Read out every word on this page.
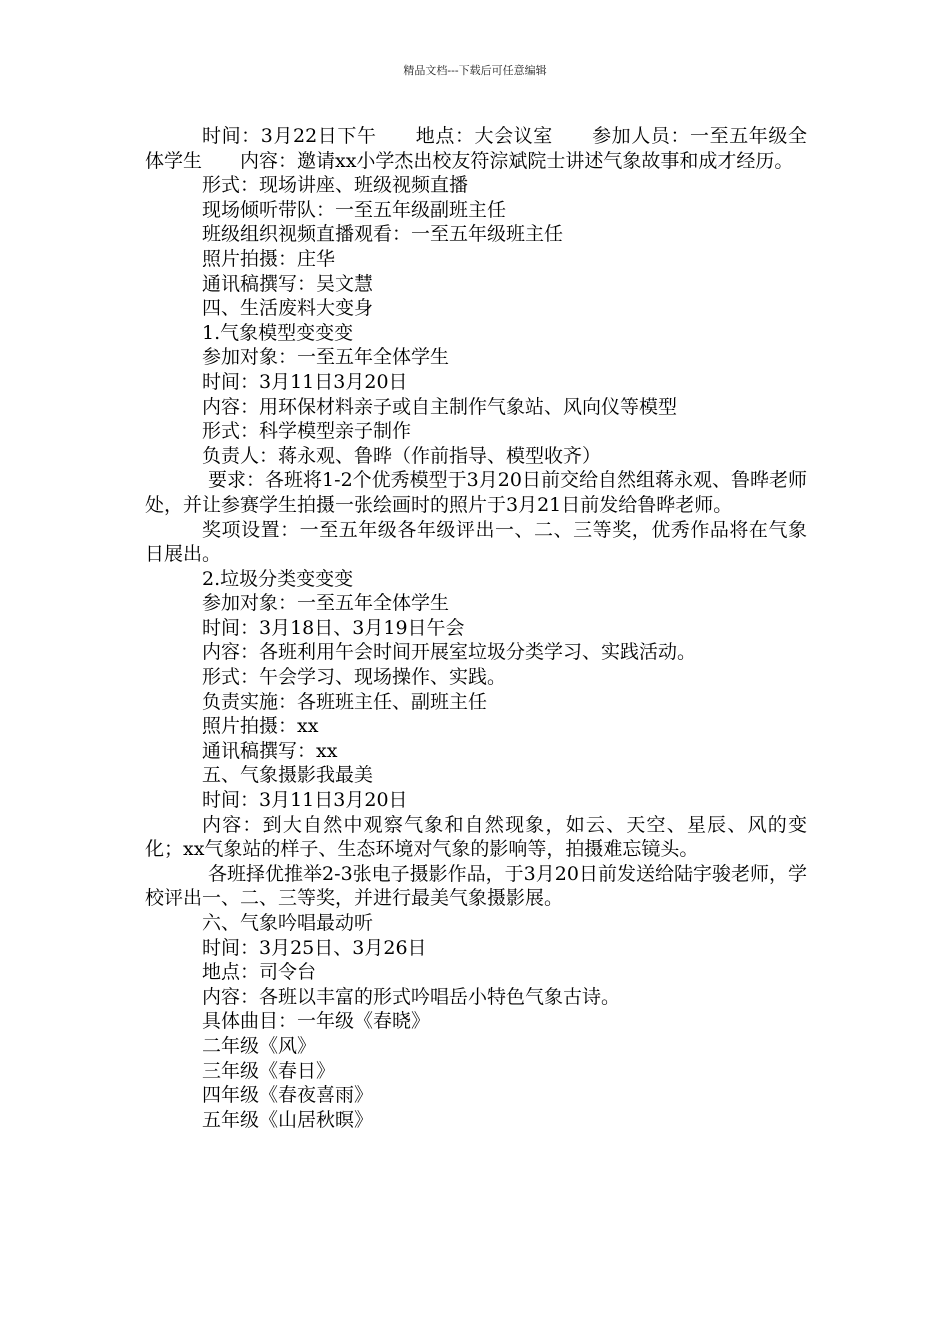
精品文档---下载后可任意编辑

时间：3月22日下午　　地点：大会议室　　参加人员：一至五年级全体学生　　内容：邀请xx小学杰出校友符淙斌院士讲述气象故事和成才经历。

形式：现场讲座、班级视频直播

现场倾听带队：一至五年级副班主任

班级组织视频直播观看：一至五年级班主任

照片拍摄：庄华

通讯稿撰写：吴文慧

四、生活废料大变身

1.气象模型变变变

参加对象：一至五年全体学生

时间：3月11日3月20日

内容：用环保材料亲子或自主制作气象站、风向仪等模型

形式：科学模型亲子制作

负责人：蒋永观、鲁晔（作前指导、模型收齐）

要求：各班将1-2个优秀模型于3月20日前交给自然组蒋永观、鲁晔老师处，并让参赛学生拍摄一张绘画时的照片于3月21日前发给鲁晔老师。

奖项设置：一至五年级各年级评出一、二、三等奖，优秀作品将在气象日展出。

2.垃圾分类变变变

参加对象：一至五年全体学生

时间：3月18日、3月19日午会

内容：各班利用午会时间开展室垃圾分类学习、实践活动。

形式：午会学习、现场操作、实践。

负责实施：各班班主任、副班主任

照片拍摄：xx

通讯稿撰写：xx

五、气象摄影我最美

时间：3月11日3月20日

内容：到大自然中观察气象和自然现象，如云、天空、星辰、风的变化；xx气象站的样子、生态环境对气象的影响等，拍摄难忘镜头。

各班择优推举2-3张电子摄影作品，于3月20日前发送给陆宇骏老师，学校评出一、二、三等奖，并进行最美气象摄影展。

六、气象吟唱最动听

时间：3月25日、3月26日

地点：司令台

内容：各班以丰富的形式吟唱岳小特色气象古诗。

具体曲目：一年级《春晓》

二年级《风》

三年级《春日》

四年级《春夜喜雨》

五年级《山居秋暝》
